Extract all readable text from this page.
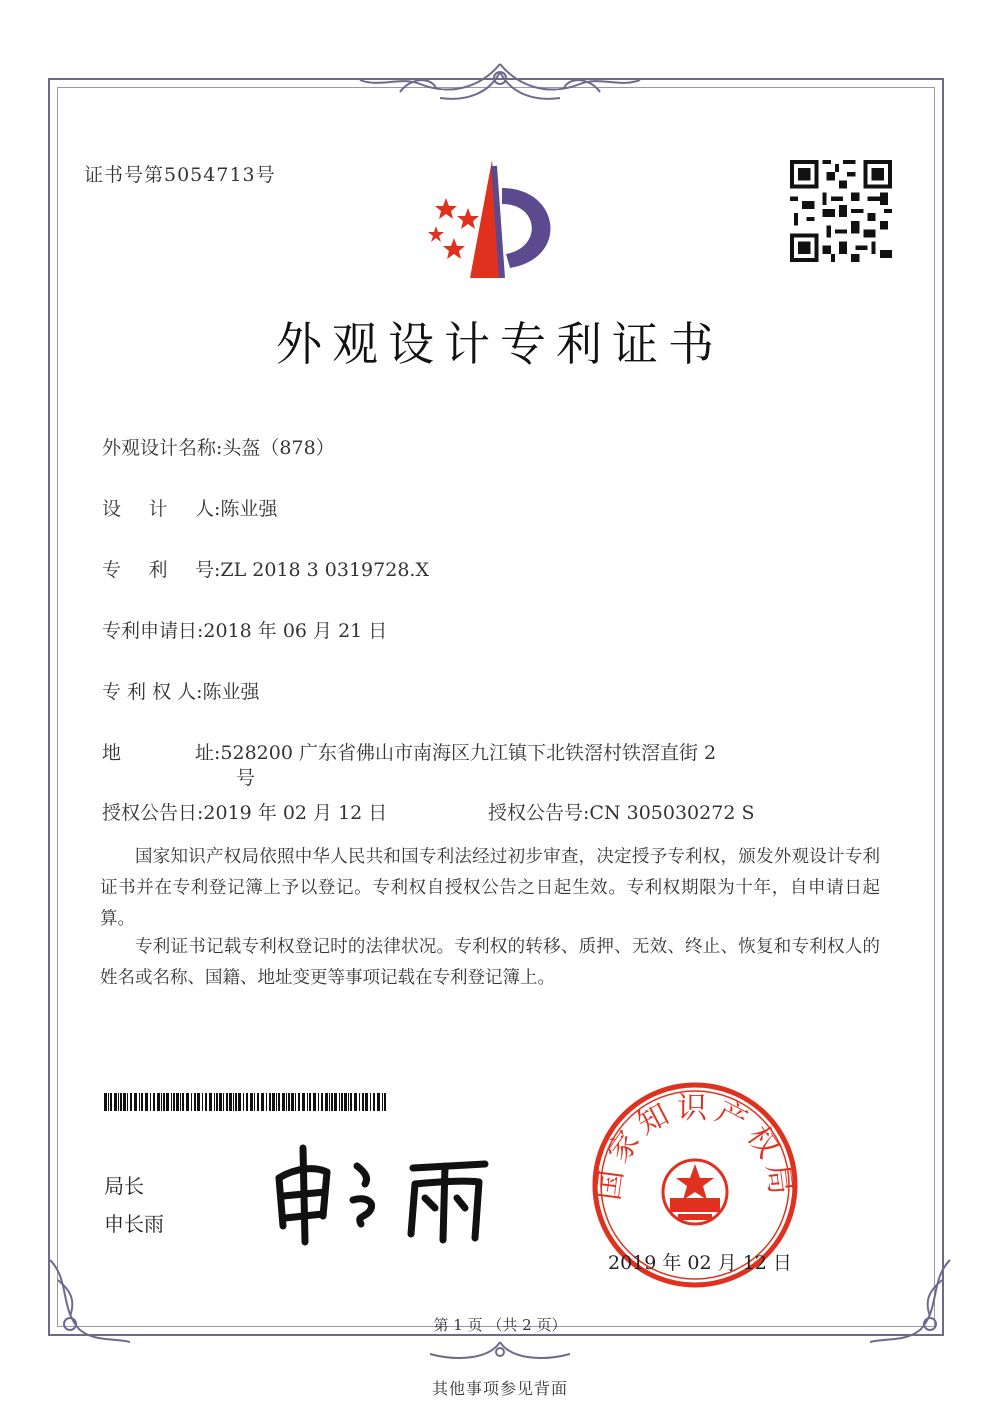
证书号第5054713号
外观设计专利证书
外观设计名称:头盔（878）
设 计 人 :陈业强
专 利 号 :ZL 2018 3 0319728.X
专利申请日:2018 年 06 月 21 日
专 利 权 人:陈业强
地	址 :528200 广东省佛山市南海区九江镇下北铁滘村铁滘直街 2
号
授权公告日:2019 年 02 月 12 日	授权公告号:CN 305030272 S
国家知识产权局依照中华人民共和国专利法经过初步审查，决定授予专利权，颁发外观设计专利证书并在专利登记簿上予以登记。专利权自授权公告之日起生效。专利权期限为十年，自申请日起算。
专利证书记载专利权登记时的法律状况。专利权的转移、质押、无效、终止、恢复和专利权人的姓名或名称、国籍、地址变更等事项记载在专利登记簿上。
局长
申长雨
国家知识产权局
2019 年 02 月 12 日
第 1 页 （共 2 页）
其他事项参见背面
